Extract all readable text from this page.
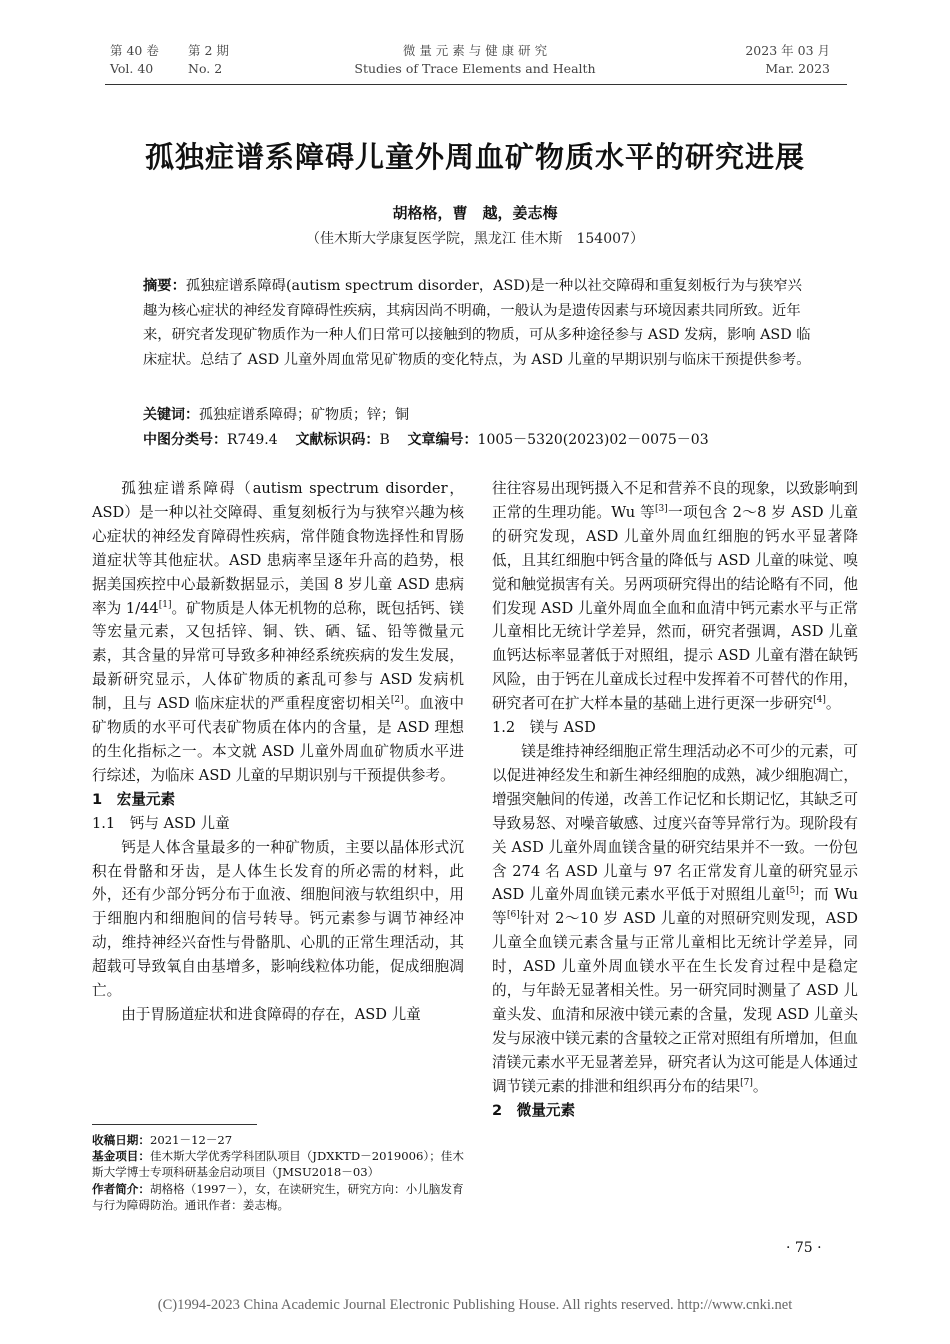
第 40 卷 第 2 期
Vol. 40	No. 2
微 量 元 素 与 健 康 研 究
Studies of Trace Elements and Health
2023 年 03 月
Mar. 2023
孤独症谱系障碍儿童外周血矿物质水平的研究进展
胡格格，曹　越，姜志梅
（佳木斯大学康复医学院，黑龙江 佳木斯　154007）
摘要：孤独症谱系障碍(autism spectrum disorder，ASD)是一种以社交障碍和重复刻板行为与狭窄兴趣为核心症状的神经发育障碍性疾病，其病因尚不明确，一般认为是遗传因素与环境因素共同所致。近年来，研究者发现矿物质作为一种人们日常可以接触到的物质，可从多种途径参与 ASD 发病，影响 ASD 临床症状。总结了 ASD 儿童外周血常见矿物质的变化特点，为 ASD 儿童的早期识别与临床干预提供参考。
关键词：孤独症谱系障碍；矿物质；锌；铜
中图分类号：R749.4 文献标识码：B 文章编号：1005－5320(2023)02－0075－03

孤独症谱系障碍（autism spectrum disorder，ASD）是一种以社交障碍、重复刻板行为与狭窄兴趣为核心症状的神经发育障碍性疾病，常伴随食物选择性和胃肠道症状等其他症状。ASD 患病率呈逐年升高的趋势，根据美国疾控中心最新数据显示，美国 8 岁儿童 ASD 患病率为 1/44[1]。矿物质是人体无机物的总称，既包括钙、镁等宏量元素，又包括锌、铜、铁、硒、锰、铅等微量元素，其含量的异常可导致多种神经系统疾病的发生发展，最新研究显示，人体矿物质的紊乱可参与 ASD 发病机制，且与 ASD 临床症状的严重程度密切相关[2]。血液中矿物质的水平可代表矿物质在体内的含量，是 ASD 理想的生化指标之一。本文就 ASD 儿童外周血矿物质水平进行综述，为临床 ASD 儿童的早期识别与干预提供参考。

1　宏量元素

1.1　钙与 ASD 儿童

钙是人体含量最多的一种矿物质，主要以晶体形式沉积在骨骼和牙齿，是人体生长发育的所必需的材料，此外，还有少部分钙分布于血液、细胞间液与软组织中，用于细胞内和细胞间的信号转导。钙元素参与调节神经冲动，维持神经兴奋性与骨骼肌、心肌的正常生理活动，其超载可导致氧自由基增多，影响线粒体功能，促成细胞凋亡。

由于胃肠道症状和进食障碍的存在，ASD 儿童

往往容易出现钙摄入不足和营养不良的现象，以致影响到正常的生理功能。Wu 等[3]一项包含 2～8 岁 ASD 儿童的研究发现，ASD 儿童外周血红细胞的钙水平显著降低，且其红细胞中钙含量的降低与 ASD 儿童的味觉、嗅觉和触觉损害有关。另两项研究得出的结论略有不同，他们发现 ASD 儿童外周血全血和血清中钙元素水平与正常儿童相比无统计学差异，然而，研究者强调，ASD 儿童血钙达标率显著低于对照组，提示 ASD 儿童有潜在缺钙风险，由于钙在儿童成长过程中发挥着不可替代的作用，研究者可在扩大样本量的基础上进行更深一步研究[4]。

1.2　镁与 ASD

镁是维持神经细胞正常生理活动必不可少的元素，可以促进神经发生和新生神经细胞的成熟，减少细胞凋亡，增强突触间的传递，改善工作记忆和长期记忆，其缺乏可导致易怒、对噪音敏感、过度兴奋等异常行为。现阶段有关 ASD 儿童外周血镁含量的研究结果并不一致。一份包含 274 名 ASD 儿童与 97 名正常发育儿童的研究显示 ASD 儿童外周血镁元素水平低于对照组儿童[5]；而 Wu 等[6]针对 2～10 岁 ASD 儿童的对照研究则发现，ASD 儿童全血镁元素含量与正常儿童相比无统计学差异，同时，ASD 儿童外周血镁水平在生长发育过程中是稳定的，与年龄无显著相关性。另一研究同时测量了 ASD 儿童头发、血清和尿液中镁元素的含量，发现 ASD 儿童头发与尿液中镁元素的含量较之正常对照组有所增加，但血清镁元素水平无显著差异，研究者认为这可能是人体通过调节镁元素的排泄和组织再分布的结果[7]。

2　微量元素

收稿日期：2021－12－27
基金项目：佳木斯大学优秀学科团队项目（JDXKTD－2019006）；佳木斯大学博士专项科研基金启动项目（JMSU2018－03）
作者简介：胡格格（1997－），女，在读研究生，研究方向：小儿脑发育与行为障碍防治。通讯作者：姜志梅。
· 75 ·
(C)1994-2023 China Academic Journal Electronic Publishing House. All rights reserved. http://www.cnki.net
